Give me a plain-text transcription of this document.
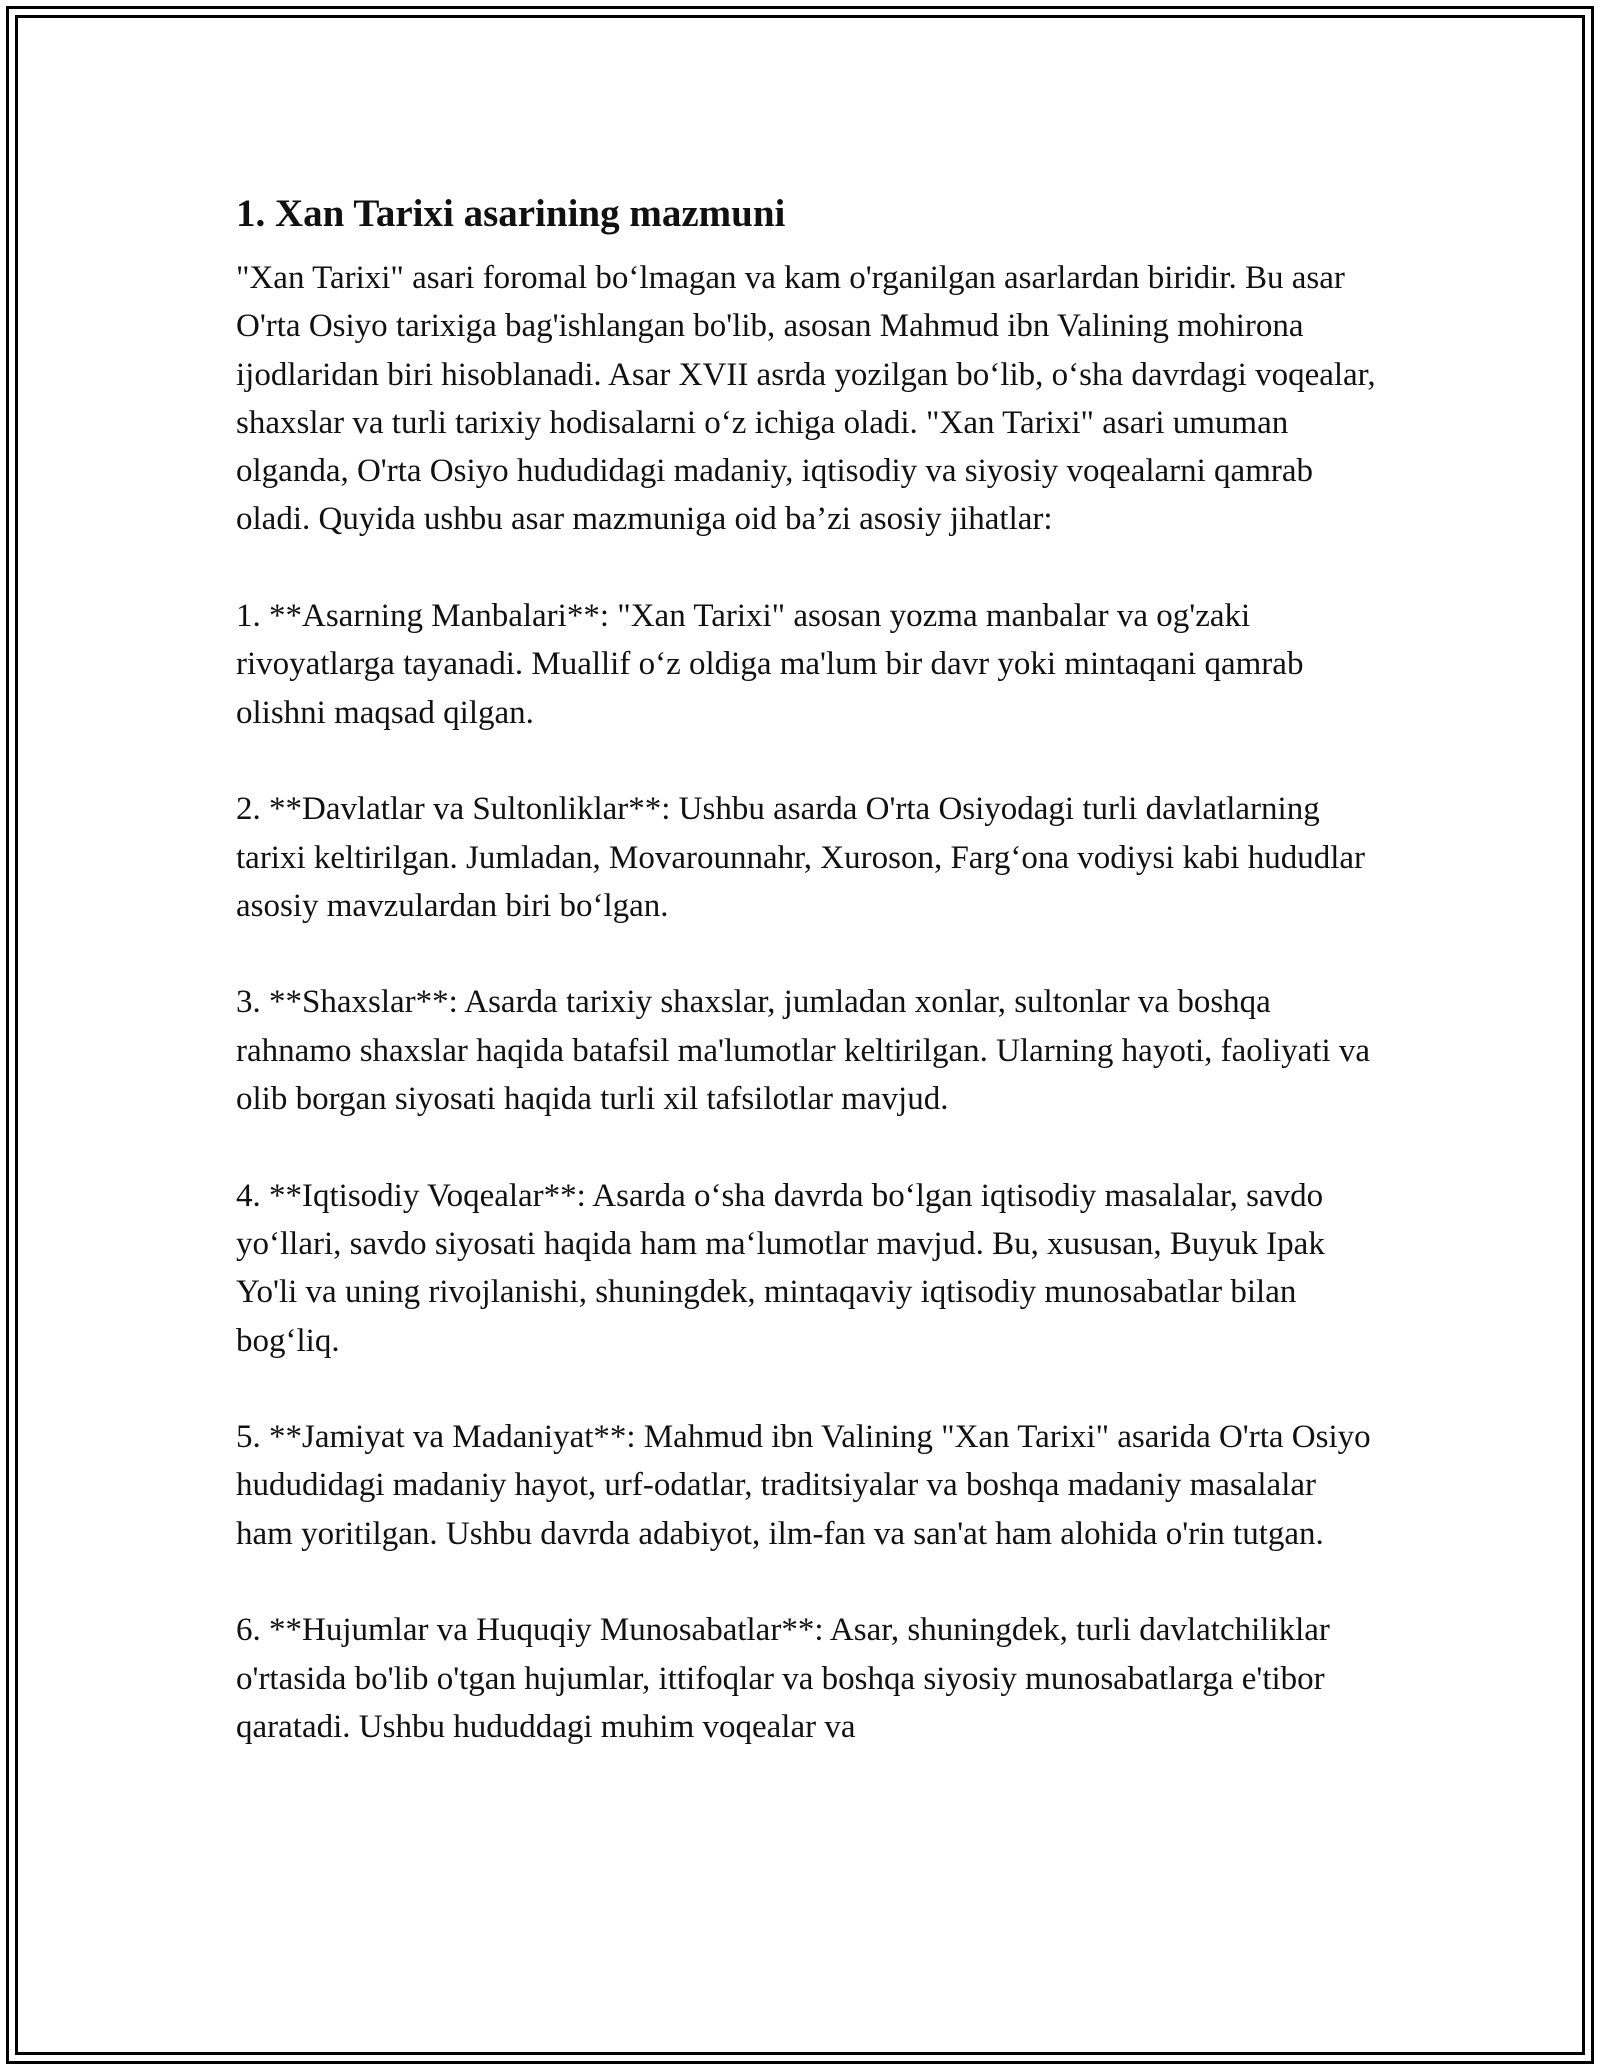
1. Xan Tarixi asarining mazmuni

"Xan Tarixi" asari foromal bo‘lmagan va kam o'rganilgan asarlardan biridir. Bu asar O'rta Osiyo tarixiga bag'ishlangan bo'lib, asosan Mahmud ibn Valining mohirona ijodlaridan biri hisoblanadi. Asar XVII asrda yozilgan bo‘lib, o‘sha davrdagi voqealar, shaxslar va turli tarixiy hodisalarni o‘z ichiga oladi. "Xan Tarixi" asari umuman olganda, O'rta Osiyo hududidagi madaniy, iqtisodiy va siyosiy voqealarni qamrab oladi. Quyida ushbu asar mazmuniga oid ba’zi asosiy jihatlar:

1. **Asarning Manbalari**: "Xan Tarixi" asosan yozma manbalar va og'zaki rivoyatlarga tayanadi. Muallif o‘z oldiga ma'lum bir davr yoki mintaqani qamrab olishni maqsad qilgan.

2. **Davlatlar va Sultonliklar**: Ushbu asarda O'rta Osiyodagi turli davlatlarning tarixi keltirilgan. Jumladan, Movarounnahr, Xuroson, Farg‘ona vodiysi kabi hududlar asosiy mavzulardan biri bo‘lgan.

3. **Shaxslar**: Asarda tarixiy shaxslar, jumladan xonlar, sultonlar va boshqa rahnamo shaxslar haqida batafsil ma'lumotlar keltirilgan. Ularning hayoti, faoliyati va olib borgan siyosati haqida turli xil tafsilotlar mavjud.

4. **Iqtisodiy Voqealar**: Asarda o‘sha davrda bo‘lgan iqtisodiy masalalar, savdo yo‘llari, savdo siyosati haqida ham ma‘lumotlar mavjud. Bu, xususan, Buyuk Ipak Yo'li va uning rivojlanishi, shuningdek, mintaqaviy iqtisodiy munosabatlar bilan bog‘liq.

5. **Jamiyat va Madaniyat**: Mahmud ibn Valining "Xan Tarixi" asarida O'rta Osiyo hududidagi madaniy hayot, urf-odatlar, traditsiyalar va boshqa madaniy masalalar ham yoritilgan. Ushbu davrda adabiyot, ilm-fan va san'at ham alohida o'rin tutgan.

6. **Hujumlar va Huquqiy Munosabatlar**: Asar, shuningdek, turli davlatchiliklar o'rtasida bo'lib o'tgan hujumlar, ittifoqlar va boshqa siyosiy munosabatlarga e'tibor qaratadi. Ushbu hududdagi muhim voqealar va
